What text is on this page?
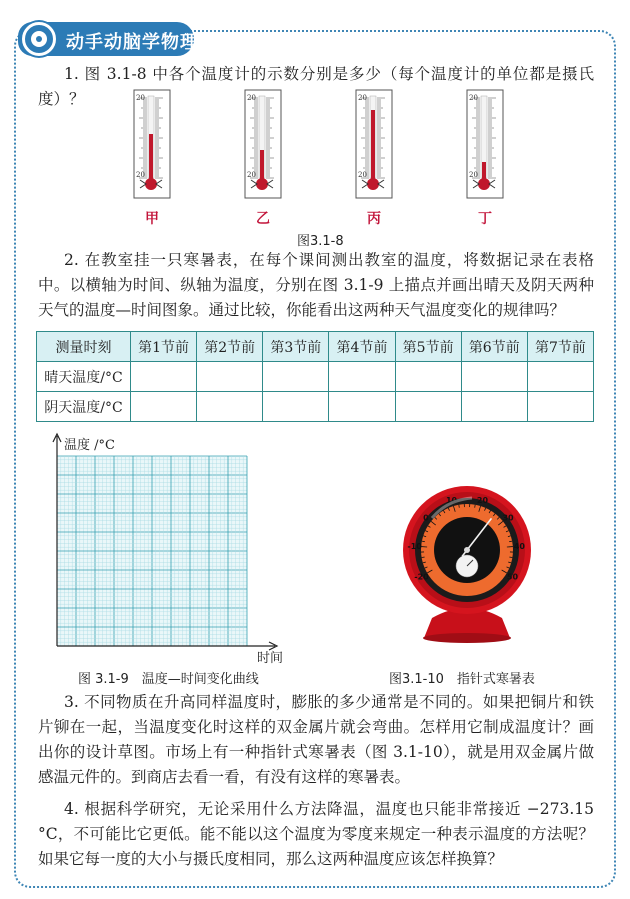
动手动脑学物理

1. 图 3.1-8 中各个温度计的示数分别是多少（每个温度计的单位都是摄氏度）？	20
20
甲
20
20
乙
20
20
丙
20
20
丁
图3.1-8

2. 在教室挂一只寒暑表，在每个课间测出教室的温度，将数据记录在表格中。以横轴为时间、纵轴为温度，分别在图 3.1-9 上描点并画出晴天及阴天两种天气的温度—时间图象。通过比较，你能看出这两种天气温度变化的规律吗？

测量时刻	第1节前	第2节前	第3节前	第4节前	第5节前	第6节前	第7节前
晴天温度/°C							
阴天温度/°C							
温度 /°C
时间
图 3.1-9　温度—时间变化曲线
10 20
0	30
-10	40
-20	50
图3.1-10　指针式寒暑表

3. 不同物质在升高同样温度时，膨胀的多少通常是不同的。如果把铜片和铁片铆在一起，当温度变化时这样的双金属片就会弯曲。怎样用它制成温度计？画出你的设计草图。市场上有一种指针式寒暑表（图 3.1-10），就是用双金属片做感温元件的。到商店去看一看，有没有这样的寒暑表。

4. 根据科学研究，无论采用什么方法降温，温度也只能非常接近 −273.15 °C，不可能比它更低。能不能以这个温度为零度来规定一种表示温度的方法呢？如果它每一度的大小与摄氏度相同，那么这两种温度应该怎样换算？
